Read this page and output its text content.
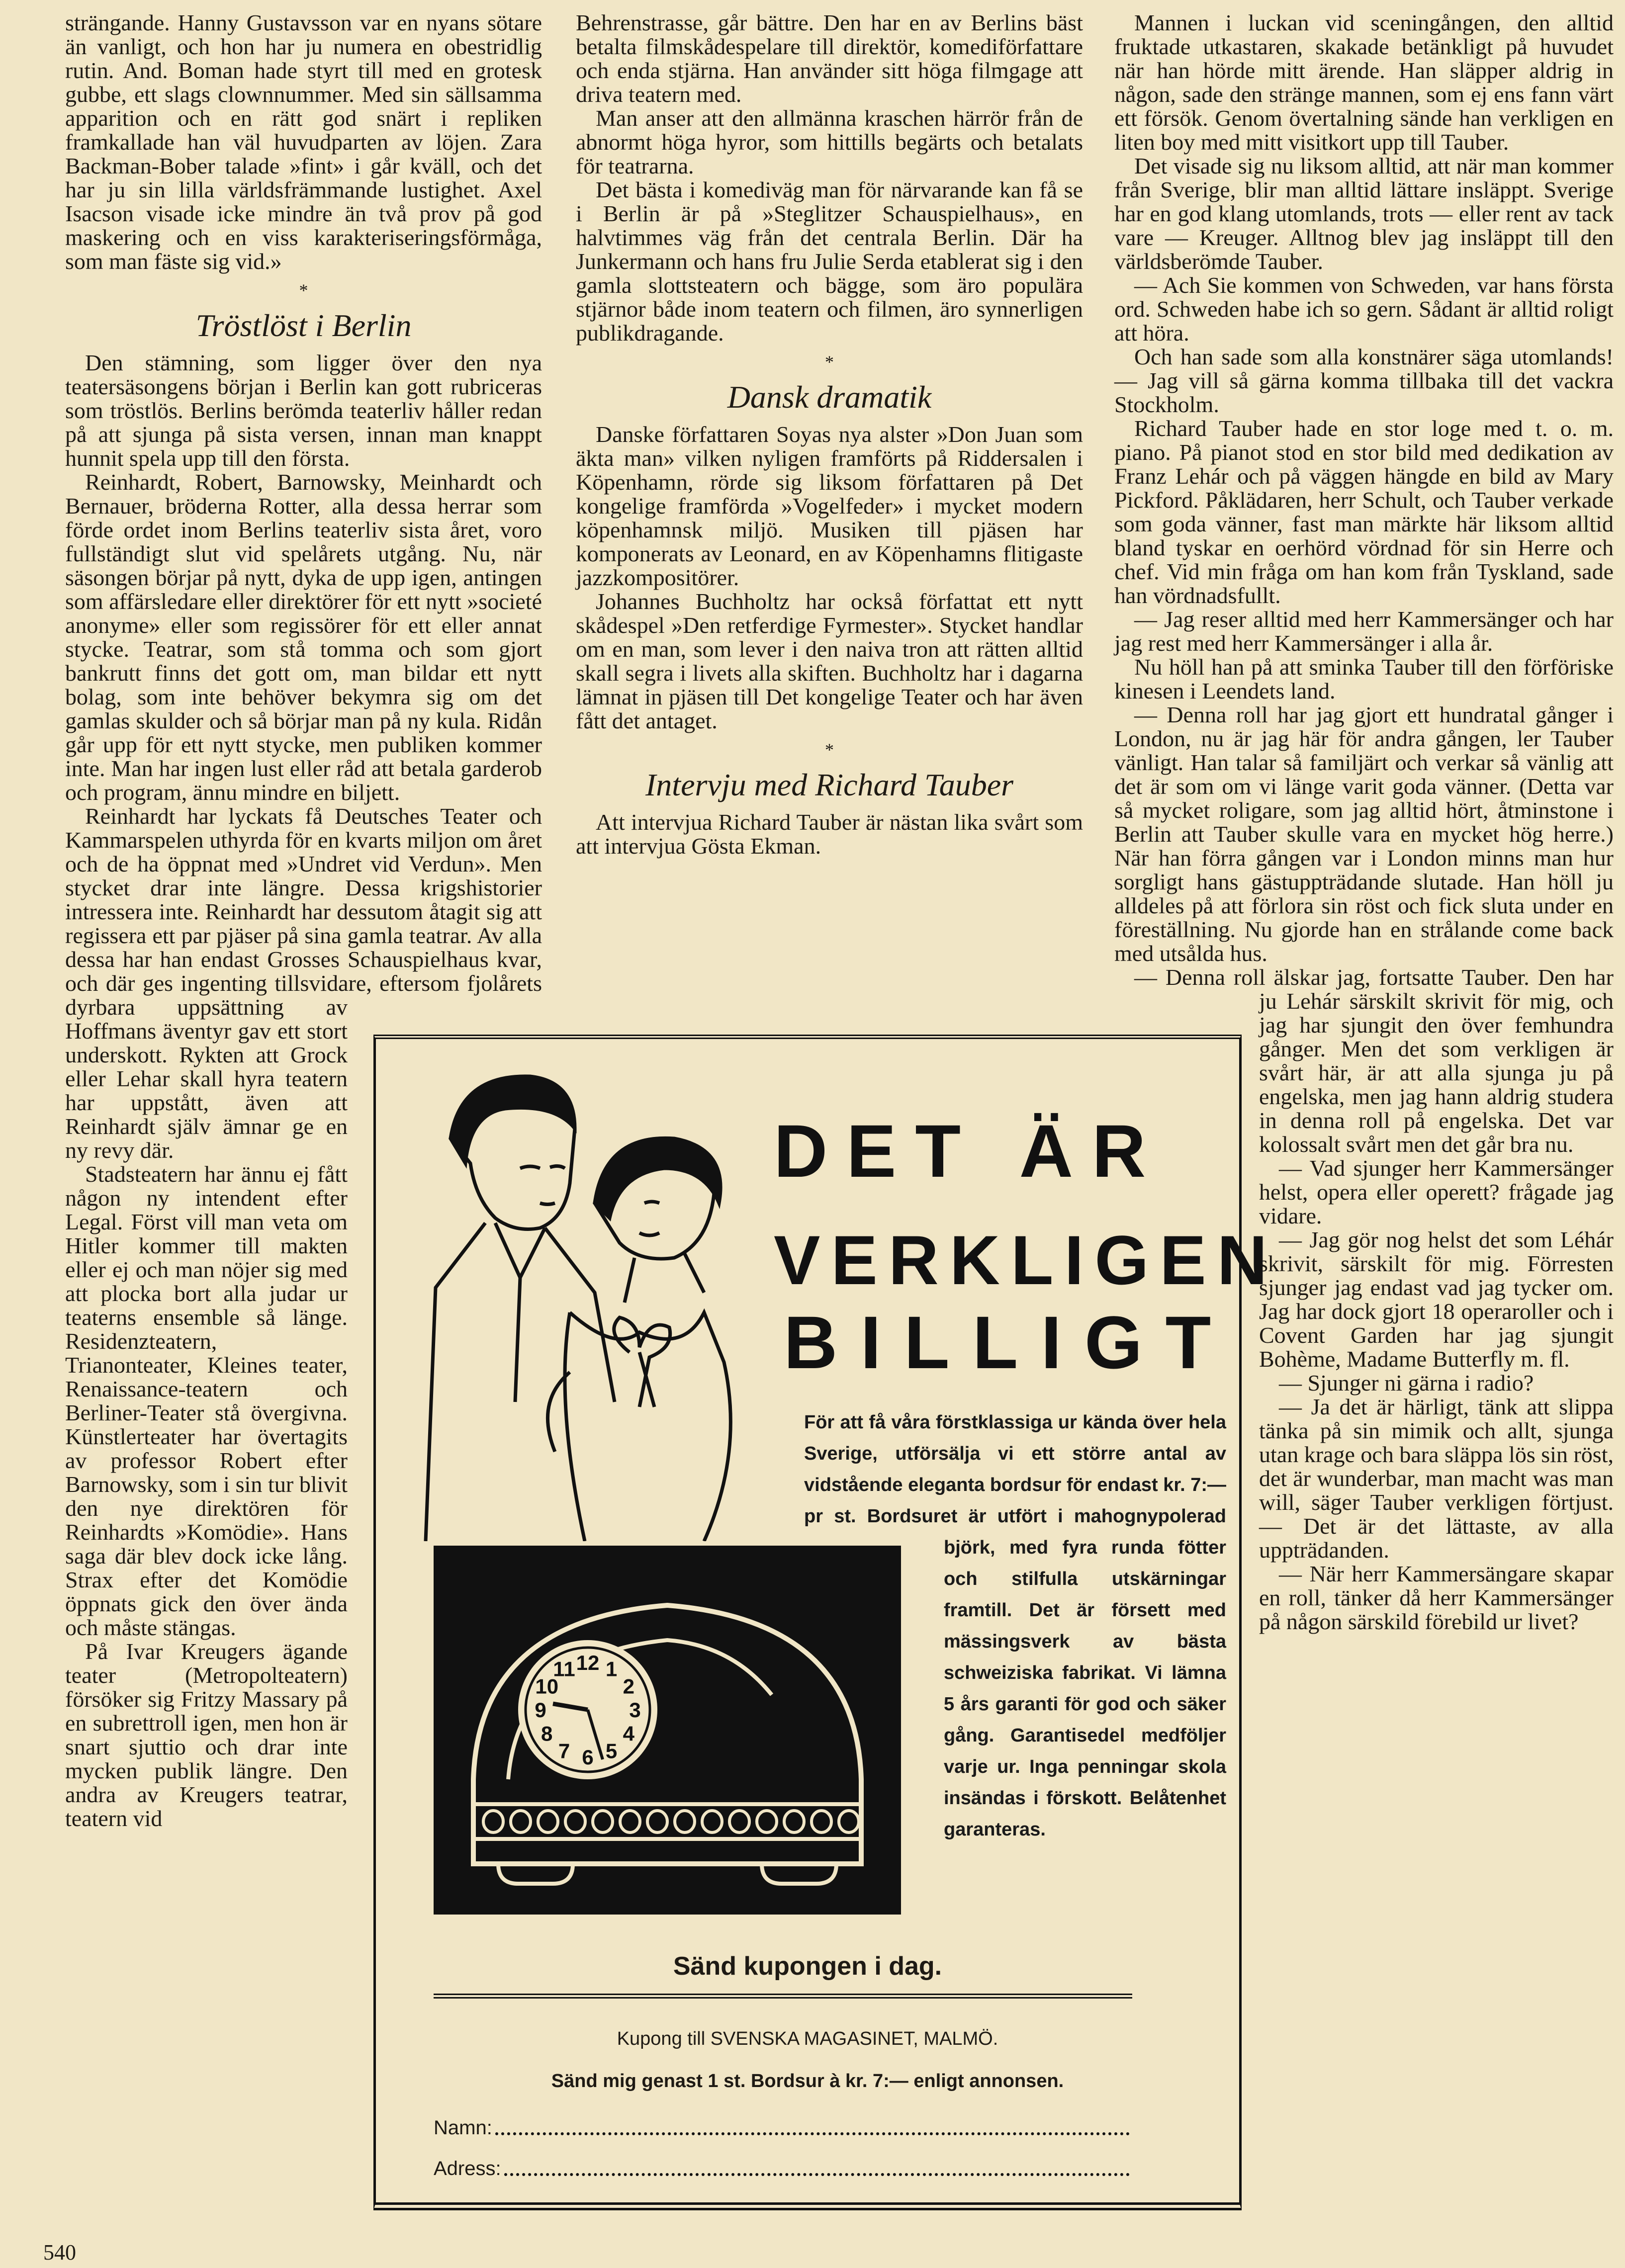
strängande. Hanny Gustavsson var en nyans sötare än vanligt, och hon har ju numera en obestridlig rutin. And. Boman hade styrt till med en grotesk gubbe, ett slags clownnummer. Med sin sällsamma apparition och en rätt god snärt i repliken framkallade han väl huvudparten av löjen. Zara Backman-Bober talade »fint» i går kväll, och det har ju sin lilla världsfrämmande lustighet. Axel Isacson visade icke mindre än två prov på god maskering och en viss karakteriseringsförmåga, som man fäste sig vid.»

*
Tröstlöst i Berlin

Den stämning, som ligger över den nya teatersäsongens början i Berlin kan gott rubriceras som tröstlös. Berlins berömda teaterliv håller redan på att sjunga på sista versen, innan man knappt hunnit spela upp till den första.

Reinhardt, Robert, Barnowsky, Meinhardt och Bernauer, bröderna Rotter, alla dessa herrar som förde ordet inom Berlins teaterliv sista året, voro fullständigt slut vid spelårets utgång. Nu, när säsongen börjar på nytt, dyka de upp igen, antingen som affärsledare eller direktörer för ett nytt »societé anonyme» eller som regissörer för ett eller annat stycke. Teatrar, som stå tomma och som gjort bankrutt finns det gott om, man bildar ett nytt bolag, som inte behöver bekymra sig om det gamlas skulder och så börjar man på ny kula. Ridån går upp för ett nytt stycke, men publiken kommer inte. Man har ingen lust eller råd att betala garderob och program, ännu mindre en biljett.

Reinhardt har lyckats få Deutsches Teater och Kammarspelen uthyrda för en kvarts miljon om året och de ha öppnat med »Undret vid Verdun». Men stycket drar inte längre. Dessa krigshistorier intressera inte. Reinhardt har dessutom åtagit sig att regissera ett par pjäser på sina gamla teatrar. Av alla dessa har han endast Grosses Schauspielhaus kvar, och där ges ingenting tillsvidare, eftersom fjolårets dyrbara uppsättning av Hoffmans äventyr gav ett stort underskott. Rykten att Grock eller Lehar skall hyra teatern har uppstått, även att Reinhardt själv ämnar ge en ny revy där.

Stadsteatern har ännu ej fått någon ny intendent efter Legal. Först vill man veta om Hitler kommer till makten eller ej och man nöjer sig med att plocka bort alla judar ur teaterns ensemble så länge. Residenzteatern, Trianonteater, Kleines teater, Renaissance-teatern och Berliner-Teater stå övergivna. Künstlerteater har övertagits av professor Robert efter Barnowsky, som i sin tur blivit den nye direktören för Reinhardts »Komödie». Hans saga där blev dock icke lång. Strax efter det Komödie öppnats gick den över ända och måste stängas.

På Ivar Kreugers ägande teater (Metropolteatern) försöker sig Fritzy Massary på en subrettroll igen, men hon är snart sjuttio och drar inte mycken publik längre. Den andra av Kreugers teatrar, teatern vid

Behrenstrasse, går bättre. Den har en av Berlins bäst betalta filmskådespelare till direktör, komediförfattare och enda stjärna. Han använder sitt höga filmgage att driva teatern med.

Man anser att den allmänna kraschen härrör från de abnormt höga hyror, som hittills begärts och betalats för teatrarna.

Det bästa i komediväg man för närvarande kan få se i Berlin är på »Steglitzer Schauspielhaus», en halvtimmes väg från det centrala Berlin. Där ha Junkermann och hans fru Julie Serda etablerat sig i den gamla slottsteatern och bägge, som äro populära stjärnor både inom teatern och filmen, äro synnerligen publikdragande.

*
Dansk dramatik

Danske författaren Soyas nya alster »Don Juan som äkta man» vilken nyligen framförts på Riddersalen i Köpenhamn, rörde sig liksom författaren på Det kongelige framförda »Vogelfeder» i mycket modern köpenhamnsk miljö. Musiken till pjäsen har komponerats av Leonard, en av Köpenhamns flitigaste jazzkompositörer.

Johannes Buchholtz har också författat ett nytt skådespel »Den retferdige Fyrmester». Stycket handlar om en man, som lever i den naiva tron att rätten alltid skall segra i livets alla skiften. Buchholtz har i dagarna lämnat in pjäsen till Det kongelige Teater och har även fått det antaget.

*
Intervju med Richard Tauber

Att intervjua Richard Tauber är nästan lika svårt som att intervjua Gösta Ekman.

Mannen i luckan vid sceningången, den alltid fruktade utkastaren, skakade betänkligt på huvudet när han hörde mitt ärende. Han släpper aldrig in någon, sade den stränge mannen, som ej ens fann värt ett försök. Genom övertalning sände han verkligen en liten boy med mitt visitkort upp till Tauber.

Det visade sig nu liksom alltid, att när man kommer från Sverige, blir man alltid lättare insläppt. Sverige har en god klang utomlands, trots — eller rent av tack vare — Kreuger. Alltnog blev jag insläppt till den världsberömde Tauber.

— Ach Sie kommen von Schweden, var hans första ord. Schweden habe ich so gern. Sådant är alltid roligt att höra.

Och han sade som alla konstnärer säga utomlands! — Jag vill så gärna komma tillbaka till det vackra Stockholm.

Richard Tauber hade en stor loge med t. o. m. piano. På pianot stod en stor bild med dedikation av Franz Lehár och på väggen hängde en bild av Mary Pickford. Påklädaren, herr Schult, och Tauber verkade som goda vänner, fast man märkte här liksom alltid bland tyskar en oerhörd vördnad för sin Herre och chef. Vid min fråga om han kom från Tyskland, sade han vördnadsfullt.

— Jag reser alltid med herr Kammersänger och har jag rest med herr Kammersänger i alla år.

Nu höll han på att sminka Tauber till den förföriske kinesen i Leendets land.

— Denna roll har jag gjort ett hundratal gånger i London, nu är jag här för andra gången, ler Tauber vänligt. Han talar så familjärt och verkar så vänlig att det är som om vi länge varit goda vänner. (Detta var så mycket roligare, som jag alltid hört, åtminstone i Berlin att Tauber skulle vara en mycket hög herre.) När han förra gången var i London minns man hur sorgligt hans gästuppträdande slutade. Han höll ju alldeles på att förlora sin röst och fick sluta under en föreställning. Nu gjorde han en strålande come back med utsålda hus.

— Denna roll älskar jag, fortsatte Tauber. Den har ju Lehár särskilt skrivit för mig, och jag har sjungit den över femhundra gånger. Men det som verkligen är svårt här, är att alla sjunga ju på engelska, men jag hann aldrig studera in denna roll på engelska. Det var kolossalt svårt men det går bra nu.

— Vad sjunger herr Kammersänger helst, opera eller operett? frågade jag vidare.

— Jag gör nog helst det som Léhár skrivit, särskilt för mig. Förresten sjunger jag endast vad jag tycker om. Jag har dock gjort 18 operaroller och i Covent Garden har jag sjungit Bohème, Madame Butterfly m. fl.

— Sjunger ni gärna i radio?

— Ja det är härligt, tänk att slippa tänka på sin mimik och allt, sjunga utan krage och bara släppa lös sin röst, det är wunderbar, man macht was man will, säger Tauber verkligen förtjust. — Det är det lättaste, av alla uppträdanden.

— När herr Kammersängare skapar en roll, tänker då herr Kammersänger på någon särskild förebild ur livet?

DET ÄR
VERKLIGEN
BILLIGT
För att få våra förstklassiga ur kända över hela Sverige, utförsälja vi ett större antal av vidstående eleganta bordsur för endast kr. 7:— pr st. Bordsuret är utfört i mahognypolerad björk, med fyra runda fötter och stilfulla utskärningar framtill. Det är försett med mässingsverk av bästa schweiziska fabrikat. Vi lämna 5 års garanti för god och säker gång. Garantisedel medföljer varje ur. Inga penningar skola insändas i förskott. Belåtenhet garanteras.
12 1
2
3
4
5
6
7
8
9
10
11
Sänd kupongen i dag.
Kupong till SVENSKA MAGASINET, MALMÖ.
Sänd mig genast 1 st. Bordsur à kr. 7:— enligt annonsen.
Namn:
Adress:
540
